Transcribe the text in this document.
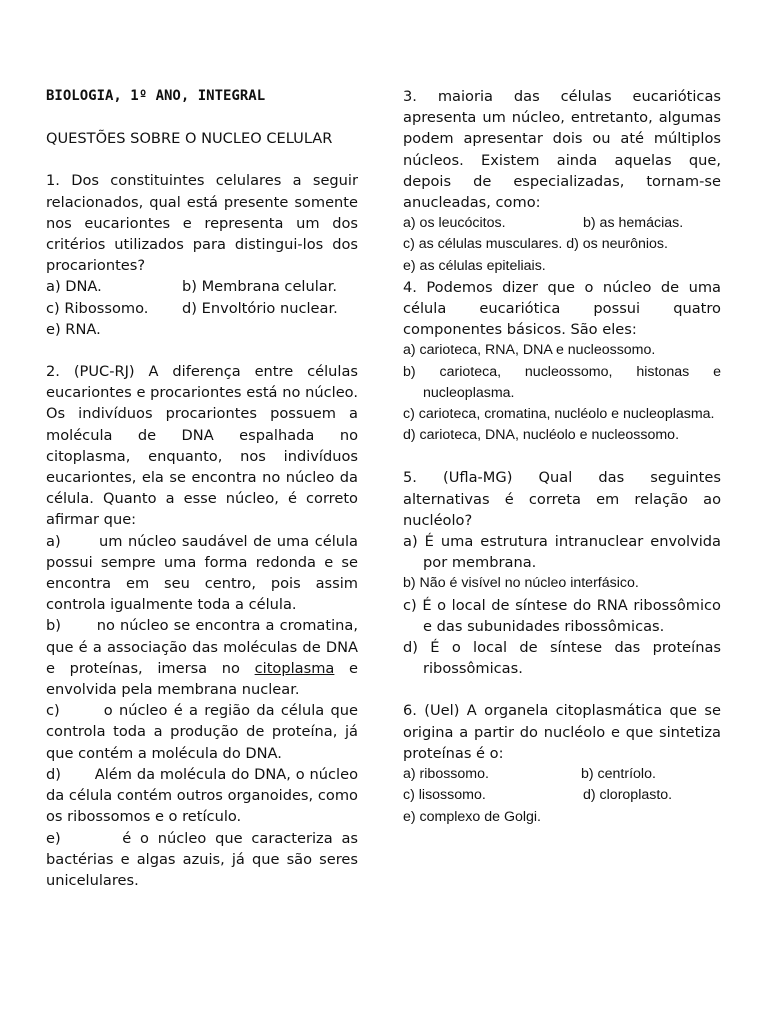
BIOLOGIA, 1º ANO, INTEGRAL

QUESTÕES SOBRE O NUCLEO CELULAR

1. Dos constituintes celulares a seguir relacionados, qual está presente somente nos eucariontes e representa um dos critérios utilizados para distingui-los dos procariontes?

a) DNA.	b) Membrana celular.
c) Ribossomo.	d) Envoltório nuclear.

e) RNA.

2. (PUC-RJ) A diferença entre células eucariontes e procariontes está no núcleo. Os indivíduos procariontes possuem a molécula de DNA espalhada no citoplasma, enquanto, nos indivíduos eucariontes, ela se encontra no núcleo da célula. Quanto a esse núcleo, é correto afirmar que:

a)	um núcleo saudável de uma célula possui sempre uma forma redonda e se encontra em seu centro, pois assim controla igualmente toda a célula.

b) no núcleo se encontra a cromatina, que é a associação das moléculas de DNA e proteínas, imersa no citoplasma e envolvida pela membrana nuclear.

c)	o núcleo é a região da célula que controla toda a produção de proteína, já que contém a molécula do DNA.

d) Além da molécula do DNA, o núcleo da célula contém outros organoides, como os ribossomos e o retículo.

e)	é o núcleo que caracteriza as bactérias e algas azuis, já que são seres unicelulares.

3. maioria das células eucarióticas apresenta um núcleo, entretanto, algumas podem apresentar dois ou até múltiplos núcleos. Existem ainda aquelas que, depois de especializadas, tornam-se anucleadas, como:

a) os leucócitos.	b) as hemácias.

c) as células musculares. d) os neurônios.

e) as células epiteliais.

4. Podemos dizer que o núcleo de uma célula eucariótica possui quatro componentes básicos. São eles:

a) carioteca, RNA, DNA e nucleossomo.

b) carioteca, nucleossomo, histonas e nucleoplasma.

c) carioteca, cromatina, nucléolo e nucleoplasma.

d) carioteca, DNA, nucléolo e nucleossomo.

5. (Ufla-MG) Qual das seguintes alternativas é correta em relação ao nucléolo?

a) É uma estrutura intranuclear envolvida por membrana.

b) Não é visível no núcleo interfásico.

c) É o local de síntese do RNA ribossômico e das subunidades ribossômicas.

d) É o local de síntese das proteínas ribossômicas.

6. (Uel) A organela citoplasmática que se origina a partir do nucléolo e que sintetiza proteínas é o:

a) ribossomo.	b) centríolo.
c) lisossomo.	d) cloroplasto.

e) complexo de Golgi.
